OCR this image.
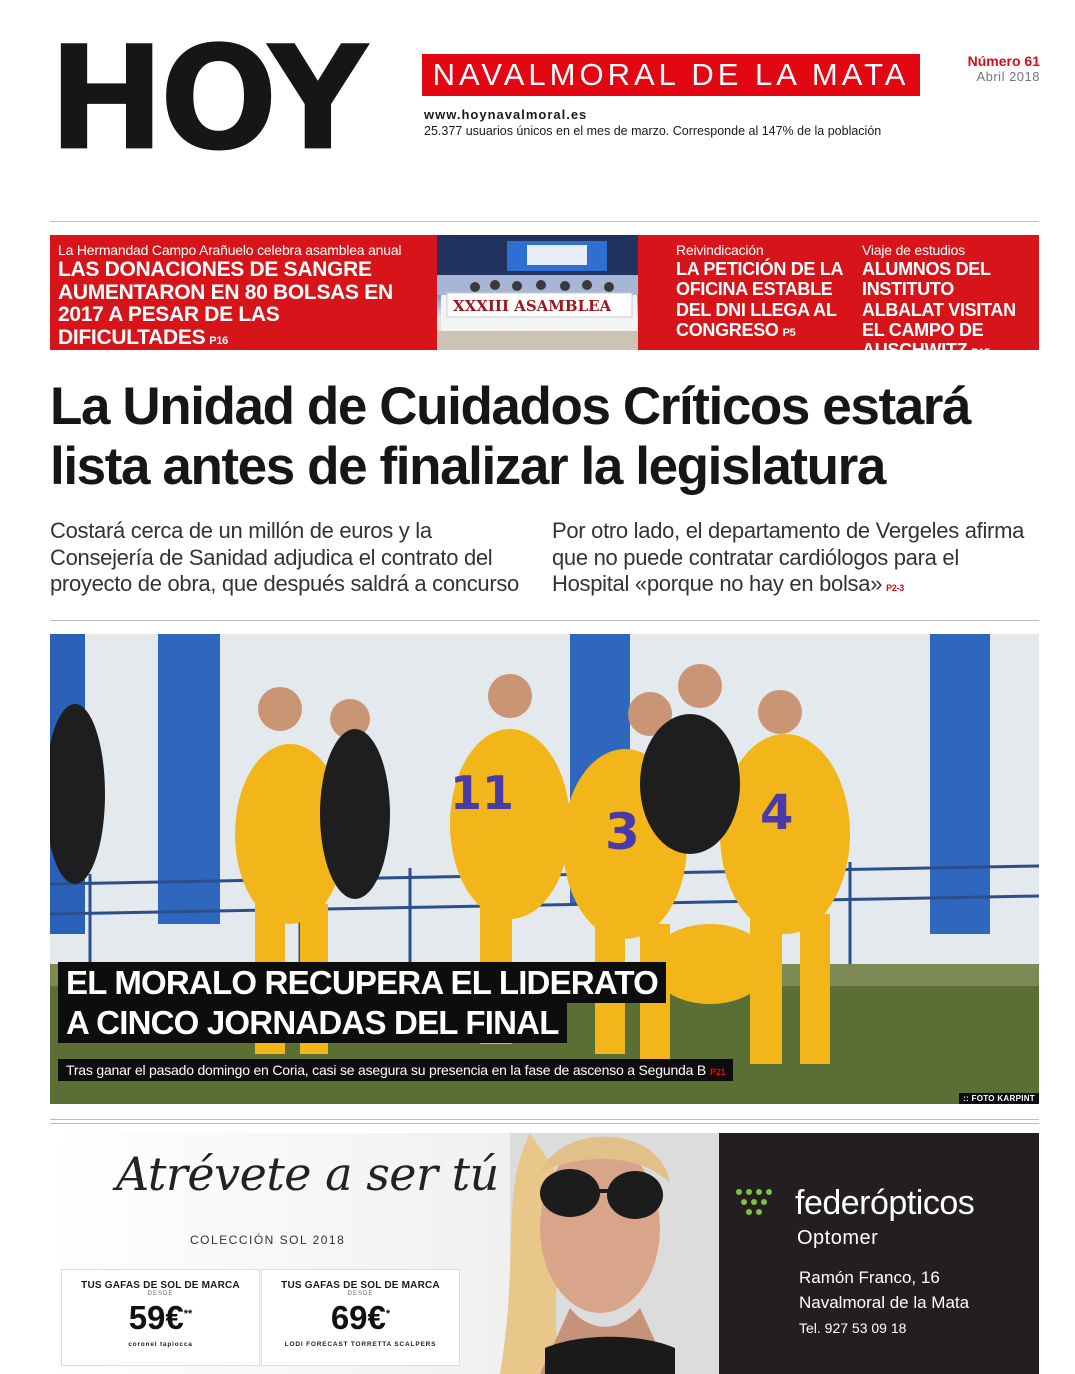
HOY NAVALMORAL DE LA MATA
www.hoynavalmoral.es
25.377 usuarios únicos en el mes de marzo. Corresponde al 147% de la población
Número 61
Abril 2018
La Hermandad Campo Arañuelo celebra asamblea anual
LAS DONACIONES DE SANGRE AUMENTARON EN 80 BOLSAS EN 2017 A PESAR DE LAS DIFICULTADES P16
XXXIII ASAMBLEA
Reivindicación
LA PETICIÓN DE LA OFICINA ESTABLE DEL DNI LLEGA AL CONGRESO P5
Viaje de estudios
ALUMNOS DEL INSTITUTO ALBALAT VISITAN EL CAMPO DE AUSCHWITZ P15
La Unidad de Cuidados Críticos estará lista antes de finalizar la legislatura
Costará cerca de un millón de euros y la Consejería de Sanidad adjudica el contrato del proyecto de obra, que después saldrá a concurso
Por otro lado, el departamento de Vergeles afirma que no puede contratar cardiólogos para el Hospital «porque no hay en bolsa» P2-3
11
3	4
EL MORALO RECUPERA EL LIDERATO
A CINCO JORNADAS DEL FINAL
Tras ganar el pasado domingo en Coria, casi se asegura su presencia en la fase de ascenso a Segunda B P21
:: FOTO KARPINT
Atrévete a ser tú
COLECCIÓN SOL 2018
TUS GAFAS DE SOL DE MARCA
DESDE
59€**
coronel tapiocca
TUS GAFAS DE SOL DE MARCA
DESDE
69€*
LODI FORECAST TORRETTA SCALPERS
federópticos
Optomer
Ramón Franco, 16
Navalmoral de la Mata
Tel. 927 53 09 18
